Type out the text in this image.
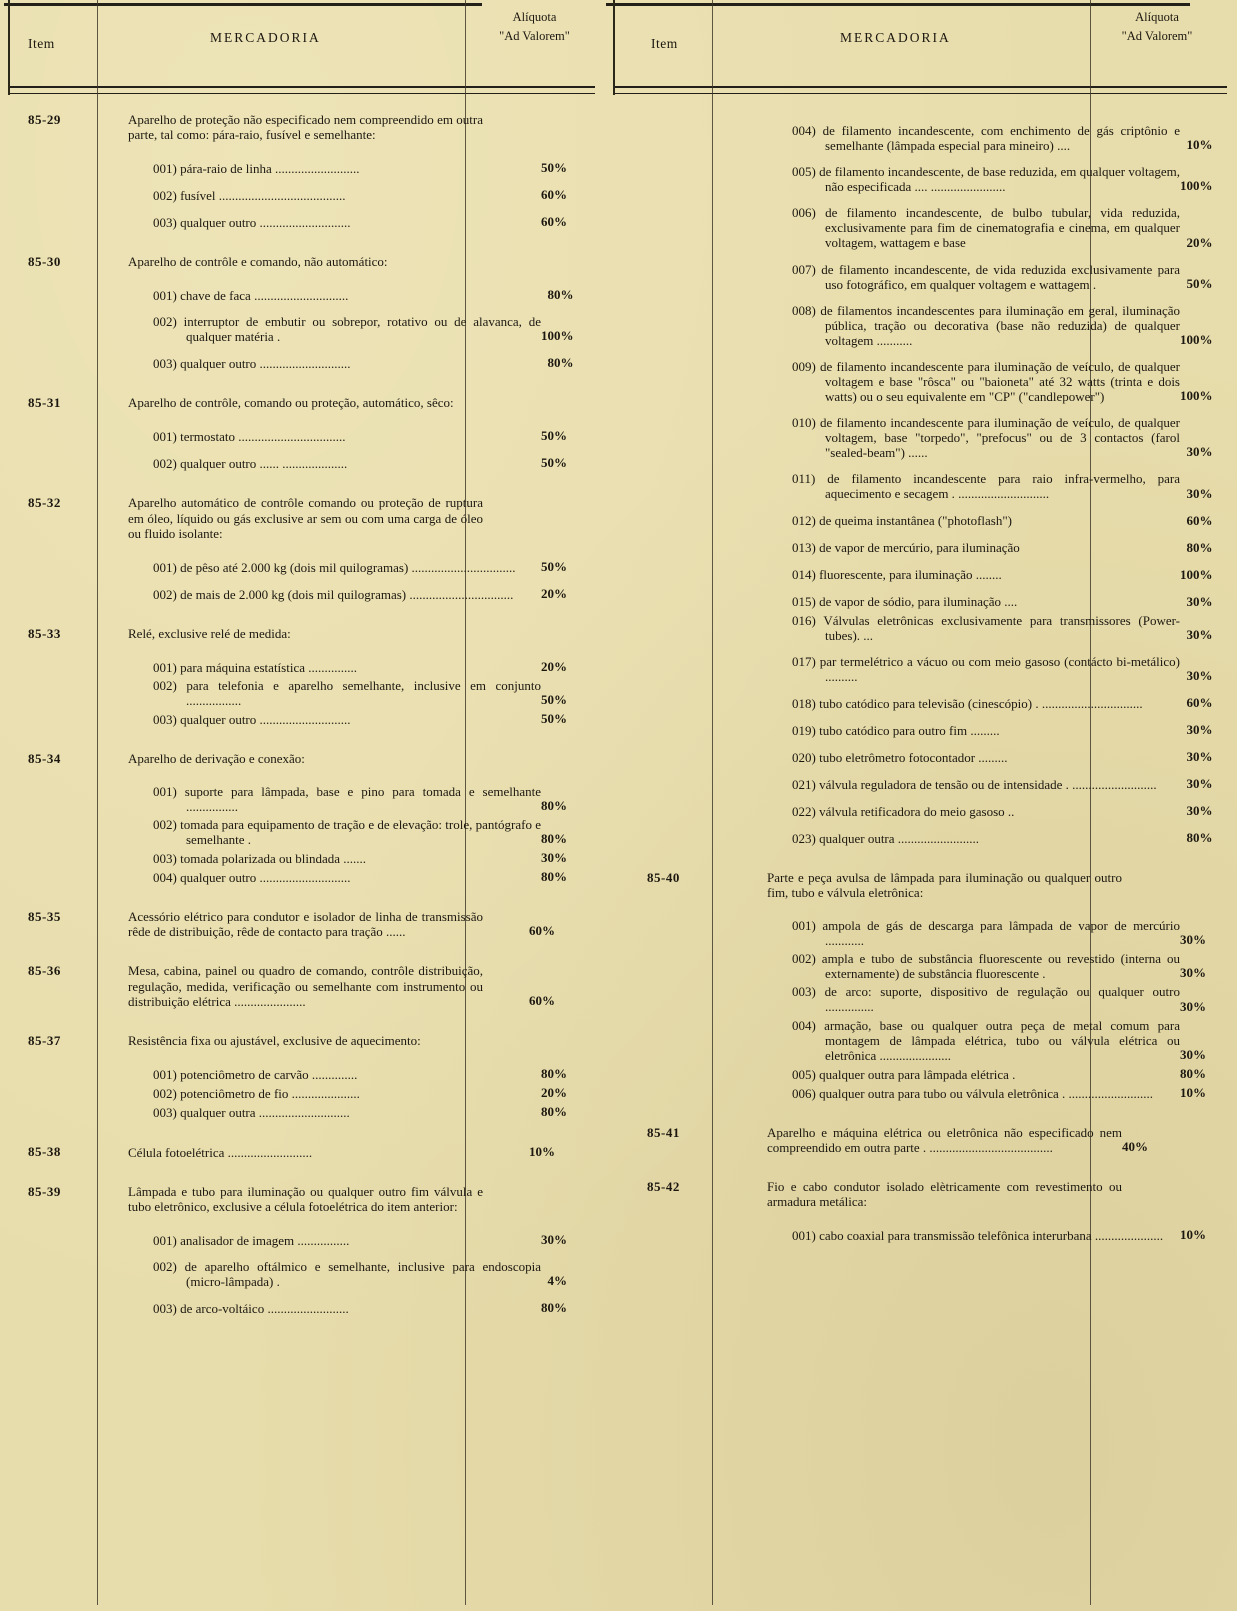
Item	MERCADORIA
Alíquota
"Ad Valorem"
85-29	Aparelho de proteção não especificado nem compreendido em outra parte, tal como: pára-raio, fusível e semelhante:
001) pára-raio de linha ..........................	50%
002) fusível .......................................	60%
003) qualquer outro ............................	60%
85-30	Aparelho de contrôle e comando, não automático:
001) chave de faca .............................	80%
002) interruptor de embutir ou sobrepor, rotativo ou de alavanca, de qualquer matéria .	100%
003) qualquer outro ............................	80%
85-31	Aparelho de contrôle, comando ou proteção, automático, sêco:
001) termostato .................................	50%
002) qualquer outro ...... ....................	50%
85-32	Aparelho automático de contrôle comando ou proteção de ruptura em óleo, líquido ou gás exclusive ar sem ou com uma carga de óleo ou fluido isolante:
001) de pêso até 2.000 kg (dois mil quilogramas) ................................	50%
002) de mais de 2.000 kg (dois mil quilogramas) ................................	20%
85-33	Relé, exclusive relé de medida:
001) para máquina estatística ...............	20%
002) para telefonia e aparelho semelhante, inclusive em conjunto .................	50%
003) qualquer outro ............................	50%
85-34	Aparelho de derivação e conexão:
001) suporte para lâmpada, base e pino para tomada e semelhante ................	80%
002) tomada para equipamento de tração e de elevação: trole, pantógrafo e semelhante .	80%
003) tomada polarizada ou blindada .......	30%
004) qualquer outro ............................	80%
85-35	Acessório elétrico para condutor e isolador de linha de transmissão rêde de distribuição, rêde de contacto para tração ......	60%
85-36	Mesa, cabina, painel ou quadro de comando, contrôle distribuição, regulação, medida, verificação ou semelhante com instrumento ou distribuição elétrica ......................	60%
85-37	Resistência fixa ou ajustável, exclusive de aquecimento:
001) potenciômetro de carvão ..............	80%
002) potenciômetro de fio .....................	20%
003) qualquer outra ............................	80%
85-38	Célula fotoelétrica ..........................	10%
85-39	Lâmpada e tubo para iluminação ou qualquer outro fim válvula e tubo eletrônico, exclusive a célula fotoelétrica do item anterior:
001) analisador de imagem ................	30%
002) de aparelho oftálmico e semelhante, inclusive para endoscopia (micro-lâmpada) .	4%
003) de arco-voltáico .........................	80%
Item	MERCADORIA
Alíquota
"Ad Valorem"
004) de filamento incandescente, com enchimento de gás criptônio e semelhante (lâmpada especial para mineiro) ....	10%
005) de filamento incandescente, de base reduzida, em qualquer voltagem, não especificada .... .......................	100%
006) de filamento incandescente, de bulbo tubular, vida reduzida, exclusivamente para fim de cinematografia e cinema, em qualquer voltagem, wattagem e base	20%
007) de filamento incandescente, de vida reduzida exclusivamente para uso fotográfico, em qualquer voltagem e wattagem .	50%
008) de filamentos incandescentes para iluminação em geral, iluminação pública, tração ou decorativa (base não reduzida) de qualquer voltagem ...........	100%
009) de filamento incandescente para iluminação de veículo, de qualquer voltagem e base "rôsca" ou "baioneta" até 32 watts (trinta e dois watts) ou o seu equivalente em "CP" ("candlepower")	100%
010) de filamento incandescente para iluminação de veículo, de qualquer voltagem, base "torpedo", "prefocus" ou de 3 contactos (farol "sealed-beam") ......	30%
011) de filamento incandescente para raio infra-vermelho, para aquecimento e secagem . ............................	30%
012) de queima instantânea ("photoflash")	60%
013) de vapor de mercúrio, para iluminação	80%
014) fluorescente, para iluminação ........	100%
015) de vapor de sódio, para iluminação ....	30%
016) Válvulas eletrônicas exclusivamente para transmissores (Power-tubes). ...	30%
017) par termelétrico a vácuo ou com meio gasoso (contácto bi-metálico) ..........	30%
018) tubo catódico para televisão (cinescópio) . ...............................	60%
019) tubo catódico para outro fim .........	30%
020) tubo eletrômetro fotocontador .........	30%
021) válvula reguladora de tensão ou de intensidade . ..........................	30%
022) válvula retificadora do meio gasoso ..	30%
023) qualquer outra .........................	80%
85-40	Parte e peça avulsa de lâmpada para iluminação ou qualquer outro fim, tubo e válvula eletrônica:
001) ampola de gás de descarga para lâmpada de vapor de mercúrio ............	30%
002) ampla e tubo de substância fluorescente ou revestido (interna ou externamente) de substância fluorescente .	30%
003) de arco: suporte, dispositivo de regulação ou qualquer outro ...............	30%
004) armação, base ou qualquer outra peça de metal comum para montagem de lâmpada elétrica, tubo ou válvula elétrica ou eletrônica ......................	30%
005) qualquer outra para lâmpada elétrica .	80%
006) qualquer outra para tubo ou válvula eletrônica . ..........................	10%
85-41	Aparelho e máquina elétrica ou eletrônica não especificado nem compreendido em outra parte . ......................................	40%
85-42	Fio e cabo condutor isolado elètricamente com revestimento ou armadura metálica:
001) cabo coaxial para transmissão telefônica interurbana .....................	10%
